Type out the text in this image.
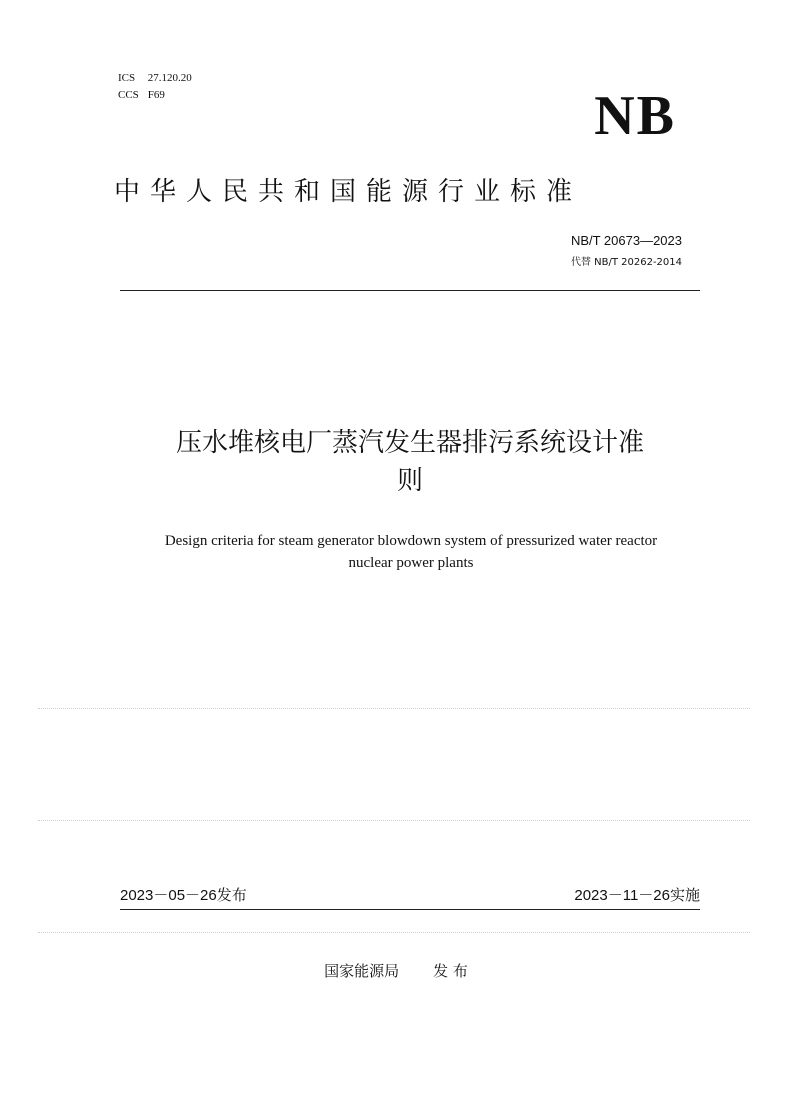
ICS 27.120.20
CCS F69	NB
中华人民共和国能源行业标准
NB/T 20673—2023
代替 NB/T 20262-2014
压水堆核电厂蒸汽发生器排污系统设计准
则
Design criteria for steam generator blowdown system of pressurized water reactor
nuclear power plants
2023－05－26发布	2023－11－26实施
国家能源局 发 布
